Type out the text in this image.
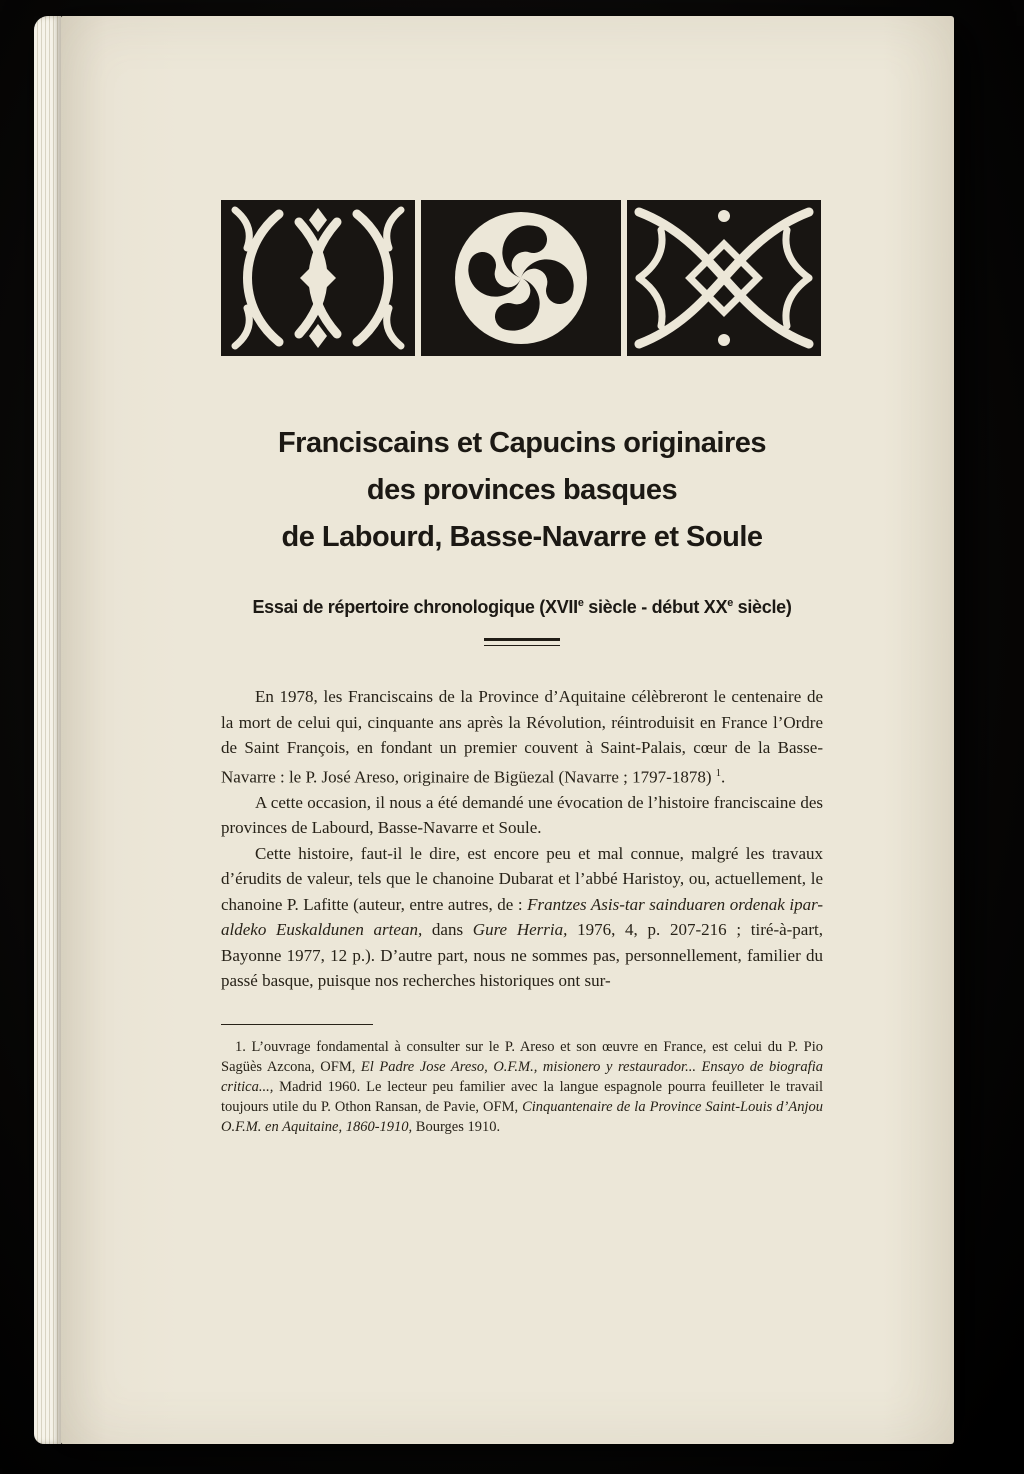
Franciscains et Capucins originaires
des provinces basques
de Labourd, Basse-Navarre et Soule
Essai de répertoire chronologique (XVIIe siècle - début XXe siècle)

En 1978, les Franciscains de la Province d’Aquitaine célèbreront le centenaire de la mort de celui qui, cinquante ans après la Révolution, réintroduisit en France l’Ordre de Saint François, en fondant un premier couvent à Saint-Palais, cœur de la Basse-Navarre : le P. José Areso, originaire de Bigüezal (Navarre ; 1797-1878) $^1$.

A cette occasion, il nous a été demandé une évocation de l’histoire franciscaine des provinces de Labourd, Basse-Navarre et Soule.

Cette histoire, faut-il le dire, est encore peu et mal connue, malgré les travaux d’érudits de valeur, tels que le chanoine Dubarat et l’abbé Haristoy, ou, actuellement, le chanoine P. Lafitte (auteur, entre autres, de : Frantzes Asis-tar sainduaren ordenak ipar-aldeko Euskaldunen artean, dans Gure Herria, 1976, 4, p. 207-216 ; tiré-à-part, Bayonne 1977, 12 p.). D’autre part, nous ne sommes pas, personnellement, familier du passé basque, puisque nos recherches historiques ont sur-

1. L’ouvrage fondamental à consulter sur le P. Areso et son œuvre en France, est celui du P. Pio Sagüès Azcona, OFM, El Padre Jose Areso, O.F.M., misionero y restaurador... Ensayo de biografia critica..., Madrid 1960. Le lecteur peu familier avec la langue espagnole pourra feuilleter le travail toujours utile du P. Othon Ransan, de Pavie, OFM, Cinquantenaire de la Province Saint-Louis d’Anjou O.F.M. en Aquitaine, 1860-1910, Bourges 1910.
